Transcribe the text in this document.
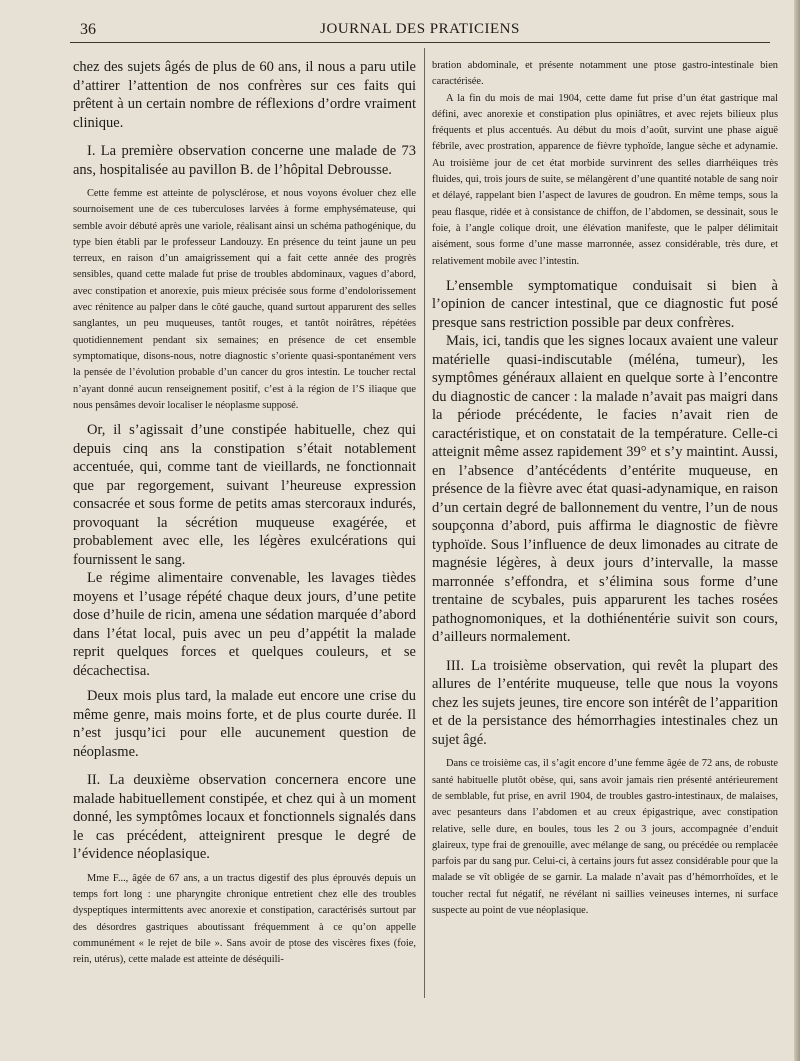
36	JOURNAL DES PRATICIENS

chez des sujets âgés de plus de 60 ans, il nous a paru utile d’attirer l’attention de nos confrères sur ces faits qui prêtent à un certain nombre de réflexions d’ordre vraiment clinique.

I. La première observation concerne une malade de 73 ans, hospitalisée au pavillon B. de l’hôpital Debrousse.

Cette femme est atteinte de polysclérose, et nous voyons évoluer chez elle sournoisement une de ces tuberculoses larvées à forme emphysémateuse, qui semble avoir débuté après une variole, réalisant ainsi un schéma pathogénique, du type bien établi par le professeur Landouzy. En présence du teint jaune un peu terreux, en raison d’un amaigrissement qui a fait cette année des progrès sensibles, quand cette malade fut prise de troubles abdominaux, vagues d’abord, avec constipation et anorexie, puis mieux précisée sous forme d’endolorissement avec rénitence au palper dans le côté gauche, quand surtout apparurent des selles sanglantes, un peu muqueuses, tantôt rouges, et tantôt noirâtres, répétées quotidiennement pendant six semaines; en présence de cet ensemble symptomatique, disons-nous, notre diagnostic s’oriente quasi-spontanément vers la pensée de l’évolution probable d’un cancer du gros intestin. Le toucher rectal n’ayant donné aucun renseignement positif, c’est à la région de l’S iliaque que nous pensâmes devoir localiser le néoplasme supposé.

Or, il s’agissait d’une constipée habituelle, chez qui depuis cinq ans la constipation s’était notablement accentuée, qui, comme tant de vieillards, ne fonctionnait que par regorgement, suivant l’heureuse expression consacrée et sous forme de petits amas stercoraux indurés, provoquant la sécrétion muqueuse exagérée, et probablement avec elle, les légères exulcérations qui fournissent le sang.

Le régime alimentaire convenable, les lavages tièdes moyens et l’usage répété chaque deux jours, d’une petite dose d’huile de ricin, amena une sédation marquée d’abord dans l’état local, puis avec un peu d’appétit la malade reprit quelques forces et quelques couleurs, et se décachectisa.

Deux mois plus tard, la malade eut encore une crise du même genre, mais moins forte, et de plus courte durée. Il n’est jusqu’ici pour elle aucunement question de néoplasme.

II. La deuxième observation concernera encore une malade habituellement constipée, et chez qui à un moment donné, les symptômes locaux et fonctionnels signalés dans le cas précédent, atteignirent presque le degré de l’évidence néoplasique.

Mme F..., âgée de 67 ans, a un tractus digestif des plus éprouvés depuis un temps fort long : une pharyngite chronique entretient chez elle des troubles dyspeptiques intermittents avec anorexie et constipation, caractérisés surtout par des désordres gastriques aboutissant fréquemment à ce qu’on appelle communément « le rejet de bile ». Sans avoir de ptose des viscères fixes (foie, rein, utérus), cette malade est atteinte de déséquili-

bration abdominale, et présente notamment une ptose gastro-intestinale bien caractérisée.

A la fin du mois de mai 1904, cette dame fut prise d’un état gastrique mal défini, avec anorexie et constipation plus opiniâtres, et avec rejets bilieux plus fréquents et plus accentués. Au début du mois d’août, survint une phase aiguë fébrile, avec prostration, apparence de fièvre typhoïde, langue sèche et adynamie. Au troisième jour de cet état morbide survinrent des selles diarrhéiques très fluides, qui, trois jours de suite, se mélangèrent d’une quantité notable de sang noir et délayé, rappelant bien l’aspect de lavures de goudron. En même temps, sous la peau flasque, ridée et à consistance de chiffon, de l’abdomen, se dessinait, sous le foie, à l’angle colique droit, une élévation manifeste, que le palper délimitait aisément, sous forme d’une masse marronnée, assez considérable, très dure, et relativement mobile avec l’intestin.

L’ensemble symptomatique conduisait si bien à l’opinion de cancer intestinal, que ce diagnostic fut posé presque sans restriction possible par deux confrères.

Mais, ici, tandis que les signes locaux avaient une valeur matérielle quasi-indiscutable (méléna, tumeur), les symptômes généraux allaient en quelque sorte à l’encontre du diagnostic de cancer : la malade n’avait pas maigri dans la période précédente, le facies n’avait rien de caractéristique, et on constatait de la température. Celle-ci atteignit même assez rapidement 39° et s’y maintint. Aussi, en l’absence d’antécédents d’entérite muqueuse, en présence de la fièvre avec état quasi-adynamique, en raison d’un certain degré de ballonnement du ventre, l’un de nous soupçonna d’abord, puis affirma le diagnostic de fièvre typhoïde. Sous l’influence de deux limonades au citrate de magnésie légères, à deux jours d’intervalle, la masse marronnée s’effondra, et s’élimina sous forme d’une trentaine de scybales, puis apparurent les taches rosées pathognomoniques, et la dothiénentérie suivit son cours, d’ailleurs normalement.

III. La troisième observation, qui revêt la plupart des allures de l’entérite muqueuse, telle que nous la voyons chez les sujets jeunes, tire encore son intérêt de l’apparition et de la persistance des hémorrhagies intestinales chez un sujet âgé.

Dans ce troisième cas, il s’agit encore d’une femme âgée de 72 ans, de robuste santé habituelle plutôt obèse, qui, sans avoir jamais rien présenté antérieurement de semblable, fut prise, en avril 1904, de troubles gastro-intestinaux, de malaises, avec pesanteurs dans l’abdomen et au creux épigastrique, avec constipation relative, selle dure, en boules, tous les 2 ou 3 jours, accompagnée d’enduit glaireux, type frai de grenouille, avec mélange de sang, ou précédée ou remplacée parfois par du sang pur. Celui-ci, à certains jours fut assez considérable pour que la malade se vît obligée de se garnir. La malade n’avait pas d’hémorrhoïdes, et le toucher rectal fut négatif, ne révélant ni saillies veineuses internes, ni surface suspecte au point de vue néoplasique.
